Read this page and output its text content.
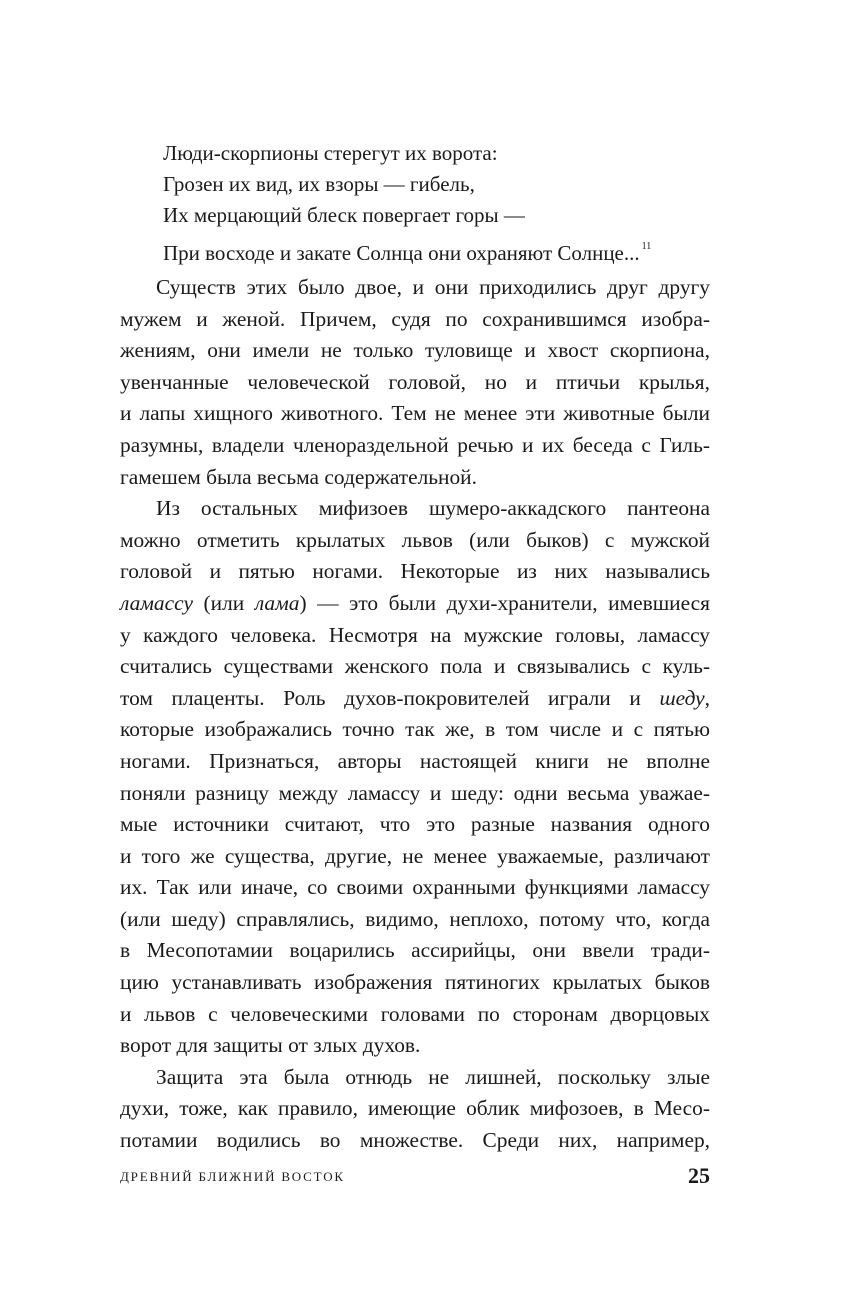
Люди-скорпионы стерегут их ворота:
Грозен их вид, их взоры — гибель,
Их мерцающий блеск повергает горы —
При восходе и закате Солнца они охраняют Солнце... $^{11}$
Существ этих было двое, и они приходились друг другу
мужем и женой. Причем, судя по сохранившимся изобра-
жениям, они имели не только туловище и хвост скорпиона,
увенчанные человеческой головой, но и птичьи крылья,
и лапы хищного животного. Тем не менее эти животные были
разумны, владели членораздельной речью и их беседа с Гиль-
гамешем была весьма содержательной.
Из остальных мифизоев шумеро-аккадского пантеона
можно отметить крылатых львов (или быков) с мужской
головой и пятью ногами. Некоторые из них назывались
ламассу (или лама) — это были духи-хранители, имевшиеся
у каждого человека. Несмотря на мужские головы, ламассу
считались существами женского пола и связывались с куль-
том плаценты. Роль духов-покровителей играли и шеду,
которые изображались точно так же, в том числе и с пятью
ногами. Признаться, авторы настоящей книги не вполне
поняли разницу между ламассу и шеду: одни весьма уважае-
мые источники считают, что это разные названия одного
и того же существа, другие, не менее уважаемые, различают
их. Так или иначе, со своими охранными функциями ламассу
(или шеду) справлялись, видимо, неплохо, потому что, когда
в Месопотамии воцарились ассирийцы, они ввели тради-
цию устанавливать изображения пятиногих крылатых быков
и львов с человеческими головами по сторонам дворцовых
ворот для защиты от злых духов.
Защита эта была отнюдь не лишней, поскольку злые
духи, тоже, как правило, имеющие облик мифозоев, в Месо-
потамии водились во множестве. Среди них, например,
ДРЕВНИЙ БЛИЖНИЙ ВОСТОК	25
